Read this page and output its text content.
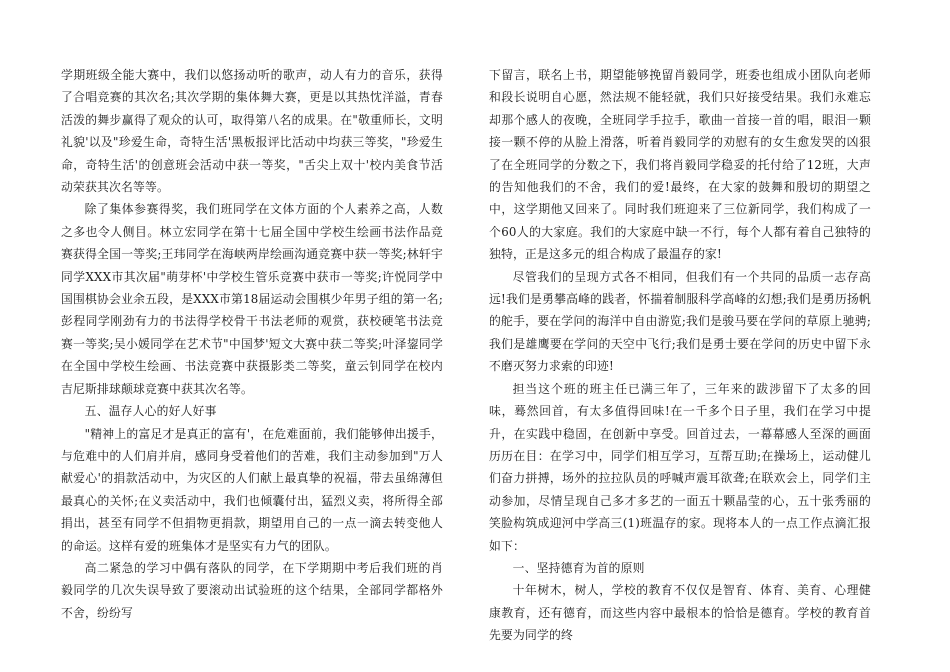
学期班级全能大赛中，我们以悠扬动听的歌声，动人有力的音乐，获得了合唱竞赛的其次名;其次学期的集体舞大赛，更是以其热忱洋溢，青春活泼的舞步赢得了观众的认可，取得第八名的成果。在"敬重师长，文明礼貌'以及"珍爱生命，奇特生活'黑板报评比活动中均获三等奖，"珍爱生命，奇特生活'的创意班会活动中获一等奖，"舌尖上双十'校内美食节活动荣获其次名等等。

除了集体参赛得奖，我们班同学在文体方面的个人素养之高，人数之多也令人侧目。林立宏同学在第十七届全国中学校生绘画书法作品竞赛获得全国一等奖;王玮同学在海峡两岸绘画沟通竞赛中获一等奖;林轩宇同学XXX市其次届"萌芽杯'中学校生管乐竞赛中获市一等奖;许悦同学中国围棋协会业余五段，是XXX市第18届运动会围棋少年男子组的第一名;彭程同学刚劲有力的书法得学校骨干书法老师的观赏，获校硬笔书法竞赛一等奖;吴小媛同学在艺术节"中国梦'短文大赛中获二等奖;叶泽鋆同学在全国中学校生绘画、书法竞赛中获摄影类二等奖，童云钊同学在校内吉尼斯排球颠球竞赛中获其次名等。

五、温存人心的好人好事

"精神上的富足才是真正的富有'，在危难面前，我们能够伸出援手，与危难中的人们肩并肩，感同身受着他们的苦难，我们主动参加到"万人献爱心'的捐款活动中，为灾区的人们献上最真挚的祝福，带去虽绵薄但最真心的关怀;在义卖活动中，我们也倾囊付出，猛烈义卖，将所得全部捐出，甚至有同学不但捐物更捐款，期望用自己的一点一滴去转变他人的命运。这样有爱的班集体才是坚实有力气的团队。

高二紧急的学习中偶有落队的同学，在下学期期中考后我们班的肖毅同学的几次失误导致了要滚动出试验班的这个结果，全部同学都格外不舍，纷纷写

下留言，联名上书，期望能够挽留肖毅同学，班委也组成小团队向老师和段长说明自心愿，然法规不能轻就，我们只好接受结果。我们永难忘却那个感人的夜晚，全班同学手拉手，歌曲一首接一首的唱，眼泪一颗接一颗不停的从脸上滑落，听着肖毅同学的劝慰有的女生愈发哭的凶狠了在全班同学的分数之下，我们将肖毅同学稳妥的托付给了12班，大声的告知他我们的不舍，我们的爱!最终，在大家的鼓舞和殷切的期望之中，这学期他又回来了。同时我们班迎来了三位新同学，我们构成了一个60人的大家庭。我们的大家庭中缺一不行，每个人都有着自己独特的独特，正是这多元的组合构成了最温存的家!

尽管我们的呈现方式各不相同，但我们有一个共同的品质一志存高远!我们是勇攀高峰的践者，怀揣着制服科学高峰的幻想;我们是勇历扬帆的舵手，要在学问的海洋中自由游览;我们是骏马要在学问的草原上驰骋;我们是雄鹰要在学问的天空中飞行;我们是勇士要在学问的历史中留下永不磨灭努力求索的印迹!

担当这个班的班主任已满三年了，三年来的跋涉留下了太多的回味，蓦然回首，有太多值得回味!在一千多个日子里，我们在学习中提升，在实践中稳固，在创新中享受。回首过去，一幕幕感人至深的画面历历在目：在学习中，同学们相互学习，互帮互助;在操场上，运动健儿们奋力拼搏，场外的拉拉队员的呼喊声震耳欲聋;在联欢会上，同学们主动参加，尽情呈现自己多才多艺的一面五十颗晶莹的心，五十张秀丽的笑脸构筑成迎河中学高三(1)班温存的家。现将本人的一点工作点滴汇报如下：

一、坚持德育为首的原则

十年树木，树人，学校的教育不仅仅是智育、体育、美育、心理健康教育，还有德育，而这些内容中最根本的恰恰是德育。学校的教育首先要为同学的终
